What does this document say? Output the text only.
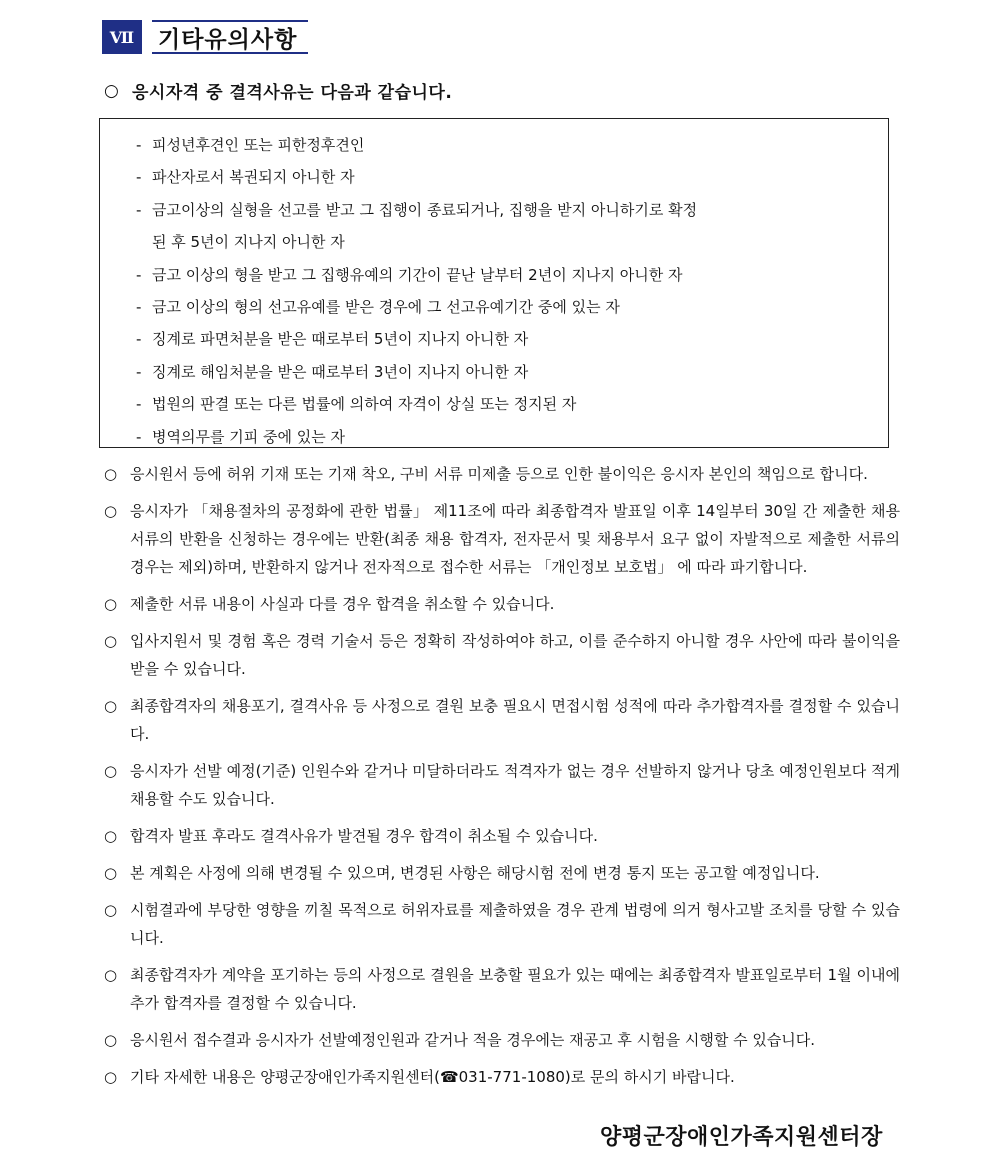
Ⅶ	기타유의사항
○ 응시자격 중 결격사유는 다음과 같습니다.
- 피성년후견인 또는 피한정후견인
- 파산자로서 복권되지 아니한 자
- 금고이상의 실형을 선고를 받고 그 집행이 종료되거나, 집행을 받지 아니하기로 확정
된 후 5년이 지나지 아니한 자
- 금고 이상의 형을 받고 그 집행유예의 기간이 끝난 날부터 2년이 지나지 아니한 자
- 금고 이상의 형의 선고유예를 받은 경우에 그 선고유예기간 중에 있는 자
- 징계로 파면처분을 받은 때로부터 5년이 지나지 아니한 자
- 징계로 해임처분을 받은 때로부터 3년이 지나지 아니한 자
- 법원의 판결 또는 다른 법률에 의하여 자격이 상실 또는 정지된 자
- 병역의무를 기피 중에 있는 자
○ 응시원서 등에 허위 기재 또는 기재 착오, 구비 서류 미제출 등으로 인한 불이익은 응시자 본인의 책임으로 합니다.
○ 응시자가 「채용절차의 공정화에 관한 법률」 제11조에 따라 최종합격자 발표일 이후 14일부터 30일 간 제출한 채용서류의 반환을 신청하는 경우에는 반환(최종 채용 합격자, 전자문서 및 채용부서 요구 없이 자발적으로 제출한 서류의 경우는 제외)하며, 반환하지 않거나 전자적으로 접수한 서류는 「개인정보 보호법」 에 따라 파기합니다.
○ 제출한 서류 내용이 사실과 다를 경우 합격을 취소할 수 있습니다.
○ 입사지원서 및 경험 혹은 경력 기술서 등은 정확히 작성하여야 하고, 이를 준수하지 아니할 경우 사안에 따라 불이익을 받을 수 있습니다.
○ 최종합격자의 채용포기, 결격사유 등 사정으로 결원 보충 필요시 면접시험 성적에 따라 추가합격자를 결정할 수 있습니다.
○ 응시자가 선발 예정(기준) 인원수와 같거나 미달하더라도 적격자가 없는 경우 선발하지 않거나 당초 예정인원보다 적게 채용할 수도 있습니다.
○ 합격자 발표 후라도 결격사유가 발견될 경우 합격이 취소될 수 있습니다.
○ 본 계획은 사정에 의해 변경될 수 있으며, 변경된 사항은 해당시험 전에 변경 통지 또는 공고할 예정입니다.
○ 시험결과에 부당한 영향을 끼칠 목적으로 허위자료를 제출하였을 경우 관계 법령에 의거 형사고발 조치를 당할 수 있습니다.
○ 최종합격자가 계약을 포기하는 등의 사정으로 결원을 보충할 필요가 있는 때에는 최종합격자 발표일로부터 1월 이내에 추가 합격자를 결정할 수 있습니다.
○ 응시원서 접수결과 응시자가 선발예정인원과 같거나 적을 경우에는 재공고 후 시험을 시행할 수 있습니다.
○ 기타 자세한 내용은 양평군장애인가족지원센터(☎031-771-1080)로 문의 하시기 바랍니다.
양평군장애인가족지원센터장
